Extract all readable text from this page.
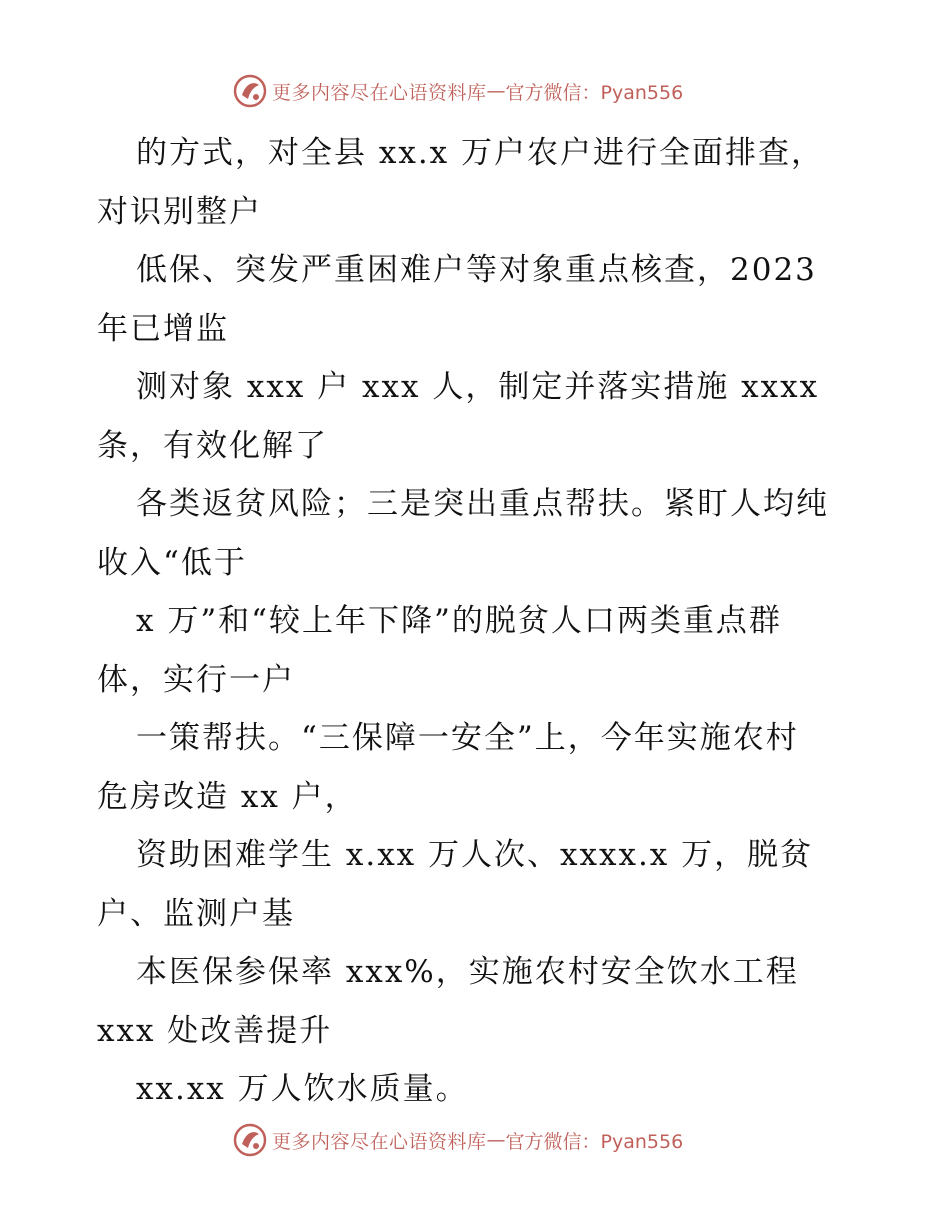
更多内容尽在心语资料库 — 官方微信：Pyan556
的方式，对全县 xx.x 万户农户进行全面排查，
对识别整户
低保、突发严重困难户等对象重点核查，2023
年已增监
测对象 xxx 户 xxx 人，制定并落实措施 xxxx
条，有效化解了
各类返贫风险；三是突出重点帮扶。紧盯人均纯
收入“低于
x 万”和“较上年下降”的脱贫人口两类重点群
体，实行一户
一策帮扶。“三保障一安全”上，今年实施农村
危房改造 xx 户，
资助困难学生 x.xx 万人次、xxxx.x 万，脱贫
户、监测户基
本医保参保率 xxx%，实施农村安全饮水工程
xxx 处改善提升
xx.xx 万人饮水质量。
更多内容尽在心语资料库 — 官方微信：Pyan556
